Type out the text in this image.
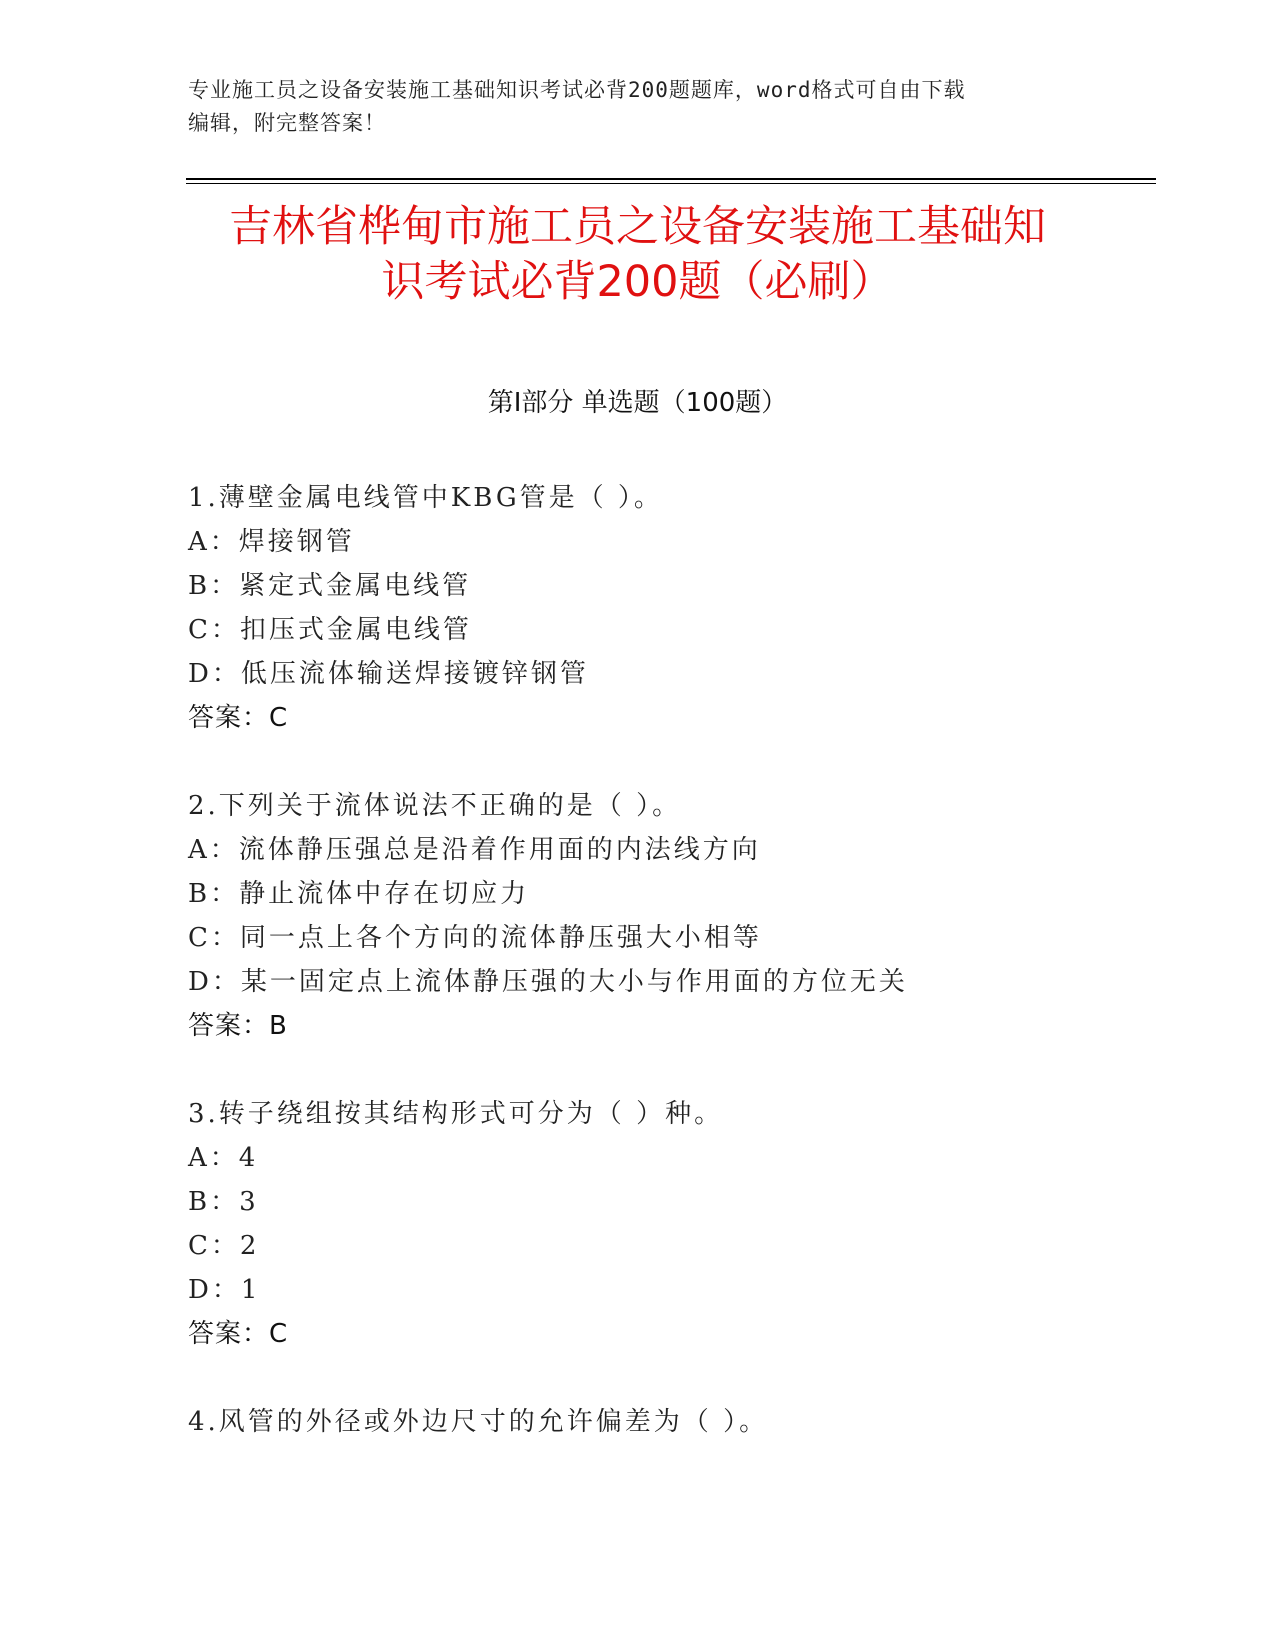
专业施工员之设备安装施工基础知识考试必背200题题库，word格式可自由下载
编辑，附完整答案！
吉林省桦甸市施工员之设备安装施工基础知
识考试必背200题（必刷）
第I部分 单选题（100题）
1.薄壁金属电线管中KBG管是（ ）。
A：焊接钢管
B：紧定式金属电线管
C：扣压式金属电线管
D：低压流体输送焊接镀锌钢管
答案：C
2.下列关于流体说法不正确的是（ ）。
A：流体静压强总是沿着作用面的内法线方向
B：静止流体中存在切应力
C：同一点上各个方向的流体静压强大小相等
D：某一固定点上流体静压强的大小与作用面的方位无关
答案：B
3.转子绕组按其结构形式可分为（ ）种。
A：4
B：3
C：2
D：1
答案：C
4.风管的外径或外边尺寸的允许偏差为（ ）。
